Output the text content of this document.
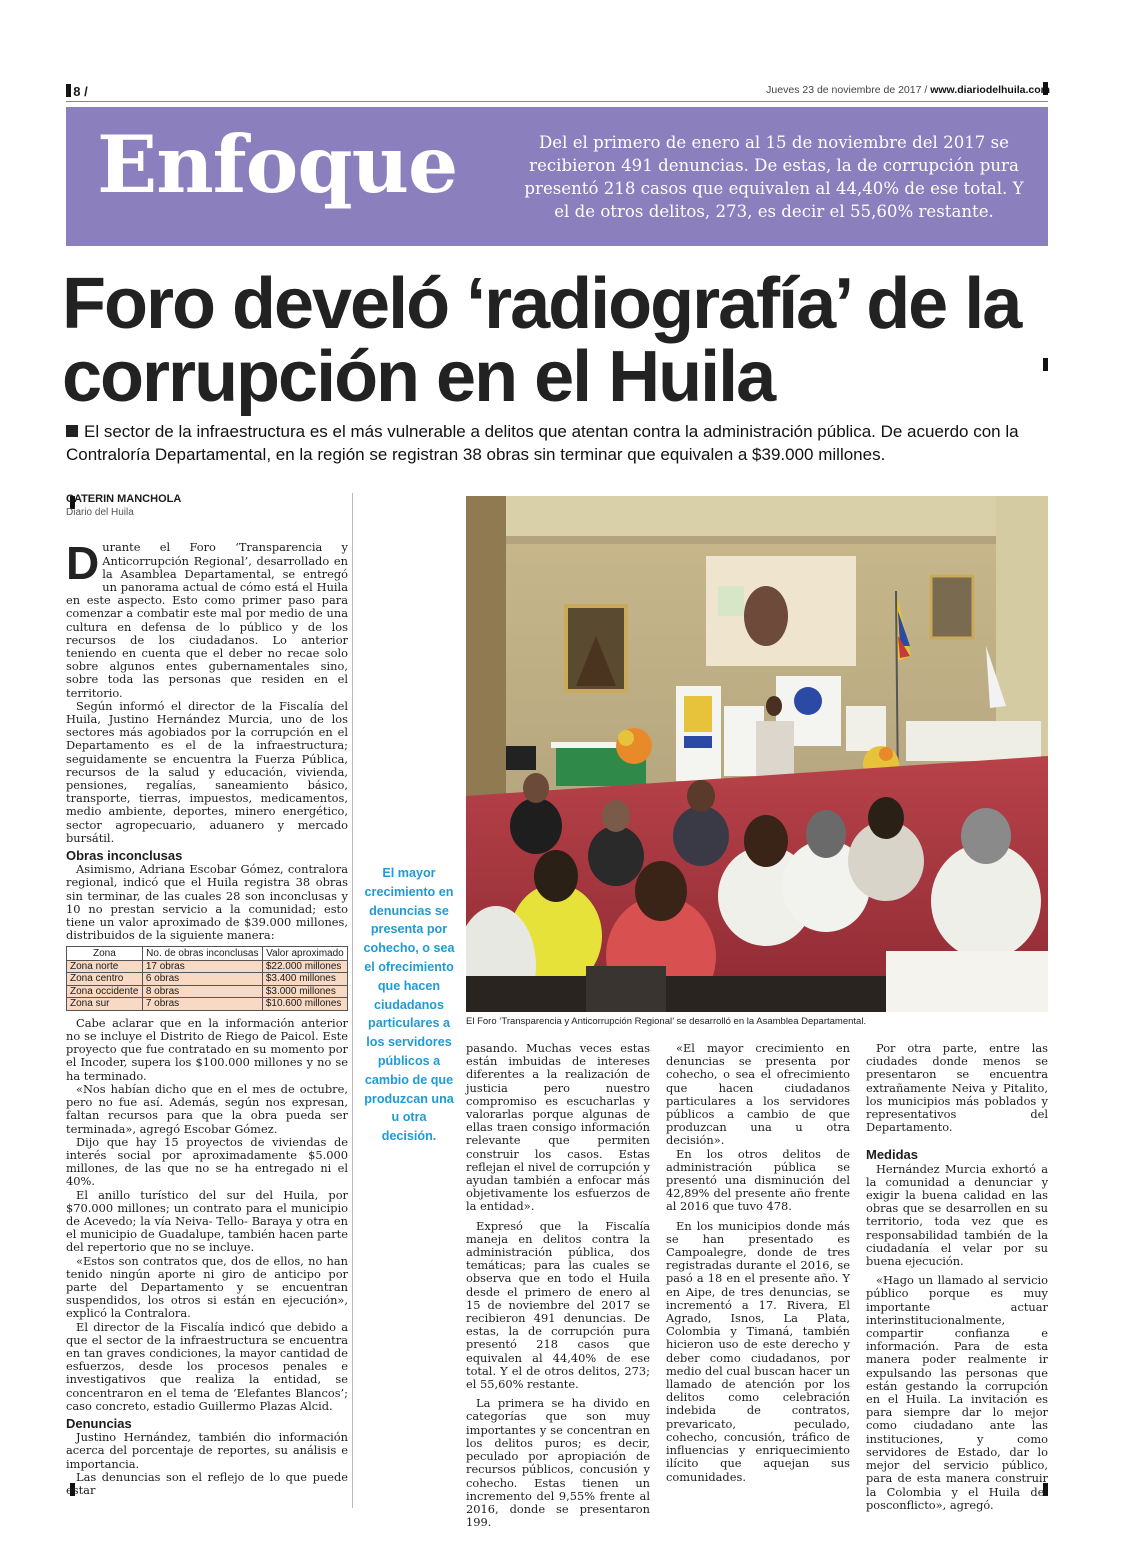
/ 8 /	Jueves 23 de noviembre de 2017 / www.diariodelhuila.com
Enfoque	Del el primero de enero al 15 de noviembre del 2017 se recibieron 491 denuncias. De estas, la de corrupción pura presentó 218 casos que equivalen al 44,40% de ese total. Y el de otros delitos, 273, es decir el 55,60% restante.
Foro develó ‘radiografía’ de la corrupción en el Huila
El sector de la infraestructura es el más vulnerable a delitos que atentan contra la administración pública. De acuerdo con la Contraloría Departamental, en la región se registran 38 obras sin terminar que equivalen a $39.000 millones.
CATERIN MANCHOLA
Diario del Huila

Durante el Foro ‘Transparencia y Anticorrupción Regional’, desarrollado en la Asamblea Departamental, se entregó un panorama actual de cómo está el Huila en este aspecto. Esto como primer paso para comenzar a combatir este mal por medio de una cultura en defensa de lo público y de los recursos de los ciudadanos. Lo anterior teniendo en cuenta que el deber no recae solo sobre algunos entes gubernamentales sino, sobre toda las personas que residen en el territorio.

Según informó el director de la Fiscalía del Huila, Justino Hernández Murcia, uno de los sectores más agobiados por la corrupción en el Departamento es el de la infraestructura; seguidamente se encuentra la Fuerza Pública, recursos de la salud y educación, vivienda, pensiones, regalías, saneamiento básico, transporte, tierras, impuestos, medicamentos, medio ambiente, deportes, minero energético, sector agropecuario, aduanero y mercado bursátil.

Obras inconclusas

Asimismo, Adriana Escobar Gómez, contralora regional, indicó que el Huila registra 38 obras sin terminar, de las cuales 28 son inconclusas y 10 no prestan servicio a la comunidad; esto tiene un valor aproximado de $39.000 millones, distribuidos de la siguiente manera:

Zona	No. de obras inconclusas	Valor aproximado
Zona norte	17 obras	$22.000 millones
Zona centro	6 obras	$3.400 millones
Zona occidente	8 obras	$3.000 millones
Zona sur	7 obras	$10.600 millones

Cabe aclarar que en la información anterior no se incluye el Distrito de Riego de Paicol. Este proyecto que fue contratado en su momento por el Incoder, supera los $100.000 millones y no se ha terminado.

«Nos habían dicho que en el mes de octubre, pero no fue así. Además, según nos expresan, faltan recursos para que la obra pueda ser terminada», agregó Escobar Gómez.

Dijo que hay 15 proyectos de viviendas de interés social por aproximadamente $5.000 millones, de las que no se ha entregado ni el 40%.

El anillo turístico del sur del Huila, por $70.000 millones; un contrato para el municipio de Acevedo; la vía Neiva- Tello- Baraya y otra en el municipio de Guadalupe, también hacen parte del repertorio que no se incluye.

«Estos son contratos que, dos de ellos, no han tenido ningún aporte ni giro de anticipo por parte del Departamento y se encuentran suspendidos, los otros si están en ejecución», explicó la Contralora.

El director de la Fiscalía indicó que debido a que el sector de la infraestructura se encuentra en tan graves condiciones, la mayor cantidad de esfuerzos, desde los procesos penales e investigativos que realiza la entidad, se concentraron en el tema de ‘Elefantes Blancos’; caso concreto, estadio Guillermo Plazas Alcid.

Denuncias

Justino Hernández, también dio información acerca del porcentaje de reportes, su análisis e importancia.

Las denuncias son el reflejo de lo que puede estar

El mayor crecimiento en denuncias se presenta por cohecho, o sea el ofrecimiento que hacen ciudadanos particulares a los servidores públicos a cambio de que produzcan una u otra decisión.
El Foro ‘Transparencia y Anticorrupción Regional’ se desarrolló en la Asamblea Departamental.

pasando. Muchas veces estas están imbuidas de intereses diferentes a la realización de justicia pero nuestro compromiso es escucharlas y valorarlas porque algunas de ellas traen consigo información relevante que permiten construir los casos. Estas reflejan el nivel de corrupción y ayudan también a enfocar más objetivamente los esfuerzos de la entidad».

Expresó que la Fiscalía maneja en delitos contra la administración pública, dos temáticas; para las cuales se observa que en todo el Huila desde el primero de enero al 15 de noviembre del 2017 se recibieron 491 denuncias. De estas, la de corrupción pura presentó 218 casos que equivalen al 44,40% de ese total. Y el de otros delitos, 273; el 55,60% restante.

La primera se ha divido en categorías que son muy importantes y se concentran en los delitos puros; es decir, peculado por apropiación de recursos públicos, concusión y cohecho. Estas tienen un incremento del 9,55% frente al 2016, donde se presentaron 199.

«El mayor crecimiento en denuncias se presenta por cohecho, o sea el ofrecimiento que hacen ciudadanos particulares a los servidores públicos a cambio de que produzcan una u otra decisión».

En los otros delitos de administración pública se presentó una disminución del 42,89% del presente año frente al 2016 que tuvo 478.

En los municipios donde más se han presentado es Campoalegre, donde de tres registradas durante el 2016, se pasó a 18 en el presente año. Y en Aipe, de tres denuncias, se incrementó a 17. Rivera, El Agrado, Isnos, La Plata, Colombia y Timaná, también hicieron uso de este derecho y deber como ciudadanos, por medio del cual buscan hacer un llamado de atención por los delitos como celebración indebida de contratos, prevaricato, peculado, cohecho, concusión, tráfico de influencias y enriquecimiento ilícito que aquejan sus comunidades.

Por otra parte, entre las ciudades donde menos se presentaron se encuentra extrañamente Neiva y Pitalito, los municipios más poblados y representativos del Departamento.

Medidas

Hernández Murcia exhortó a la comunidad a denunciar y exigir la buena calidad en las obras que se desarrollen en su territorio, toda vez que es responsabilidad también de la ciudadanía el velar por su buena ejecución.

«Hago un llamado al servicio público porque es muy importante actuar interinstitucionalmente, compartir confianza e información. Para de esta manera poder realmente ir expulsando las personas que están gestando la corrupción en el Huila. La invitación es para siempre dar lo mejor como ciudadano ante las instituciones, y como servidores de Estado, dar lo mejor del servicio público, para de esta manera construir la Colombia y el Huila del posconflicto», agregó.
